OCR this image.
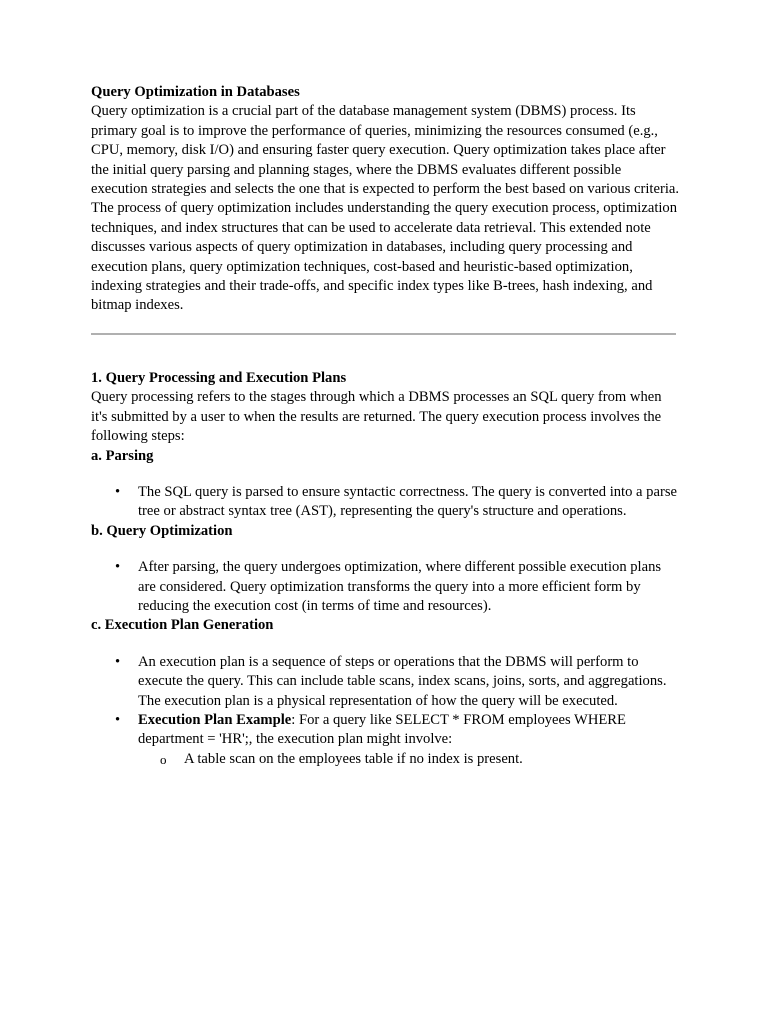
Query Optimization in Databases

Query optimization is a crucial part of the database management system (DBMS) process. Its primary goal is to improve the performance of queries, minimizing the resources consumed (e.g., CPU, memory, disk I/O) and ensuring faster query execution. Query optimization takes place after the initial query parsing and planning stages, where the DBMS evaluates different possible execution strategies and selects the one that is expected to perform the best based on various criteria.

The process of query optimization includes understanding the query execution process, optimization techniques, and index structures that can be used to accelerate data retrieval. This extended note discusses various aspects of query optimization in databases, including query processing and execution plans, query optimization techniques, cost-based and heuristic-based optimization, indexing strategies and their trade-offs, and specific index types like B-trees, hash indexing, and bitmap indexes.

1. Query Processing and Execution Plans

Query processing refers to the stages through which a DBMS processes an SQL query from when it's submitted by a user to when the results are returned. The query execution process involves the following steps:

a. Parsing

• The SQL query is parsed to ensure syntactic correctness. The query is converted into a parse tree or abstract syntax tree (AST), representing the query's structure and operations.

b. Query Optimization

• After parsing, the query undergoes optimization, where different possible execution plans are considered. Query optimization transforms the query into a more efficient form by reducing the execution cost (in terms of time and resources).

c. Execution Plan Generation

• An execution plan is a sequence of steps or operations that the DBMS will perform to execute the query. This can include table scans, index scans, joins, sorts, and aggregations. The execution plan is a physical representation of how the query will be executed.
• Execution Plan Example: For a query like SELECT * FROM employees WHERE department = 'HR';, the execution plan might involve:
o A table scan on the employees table if no index is present.
